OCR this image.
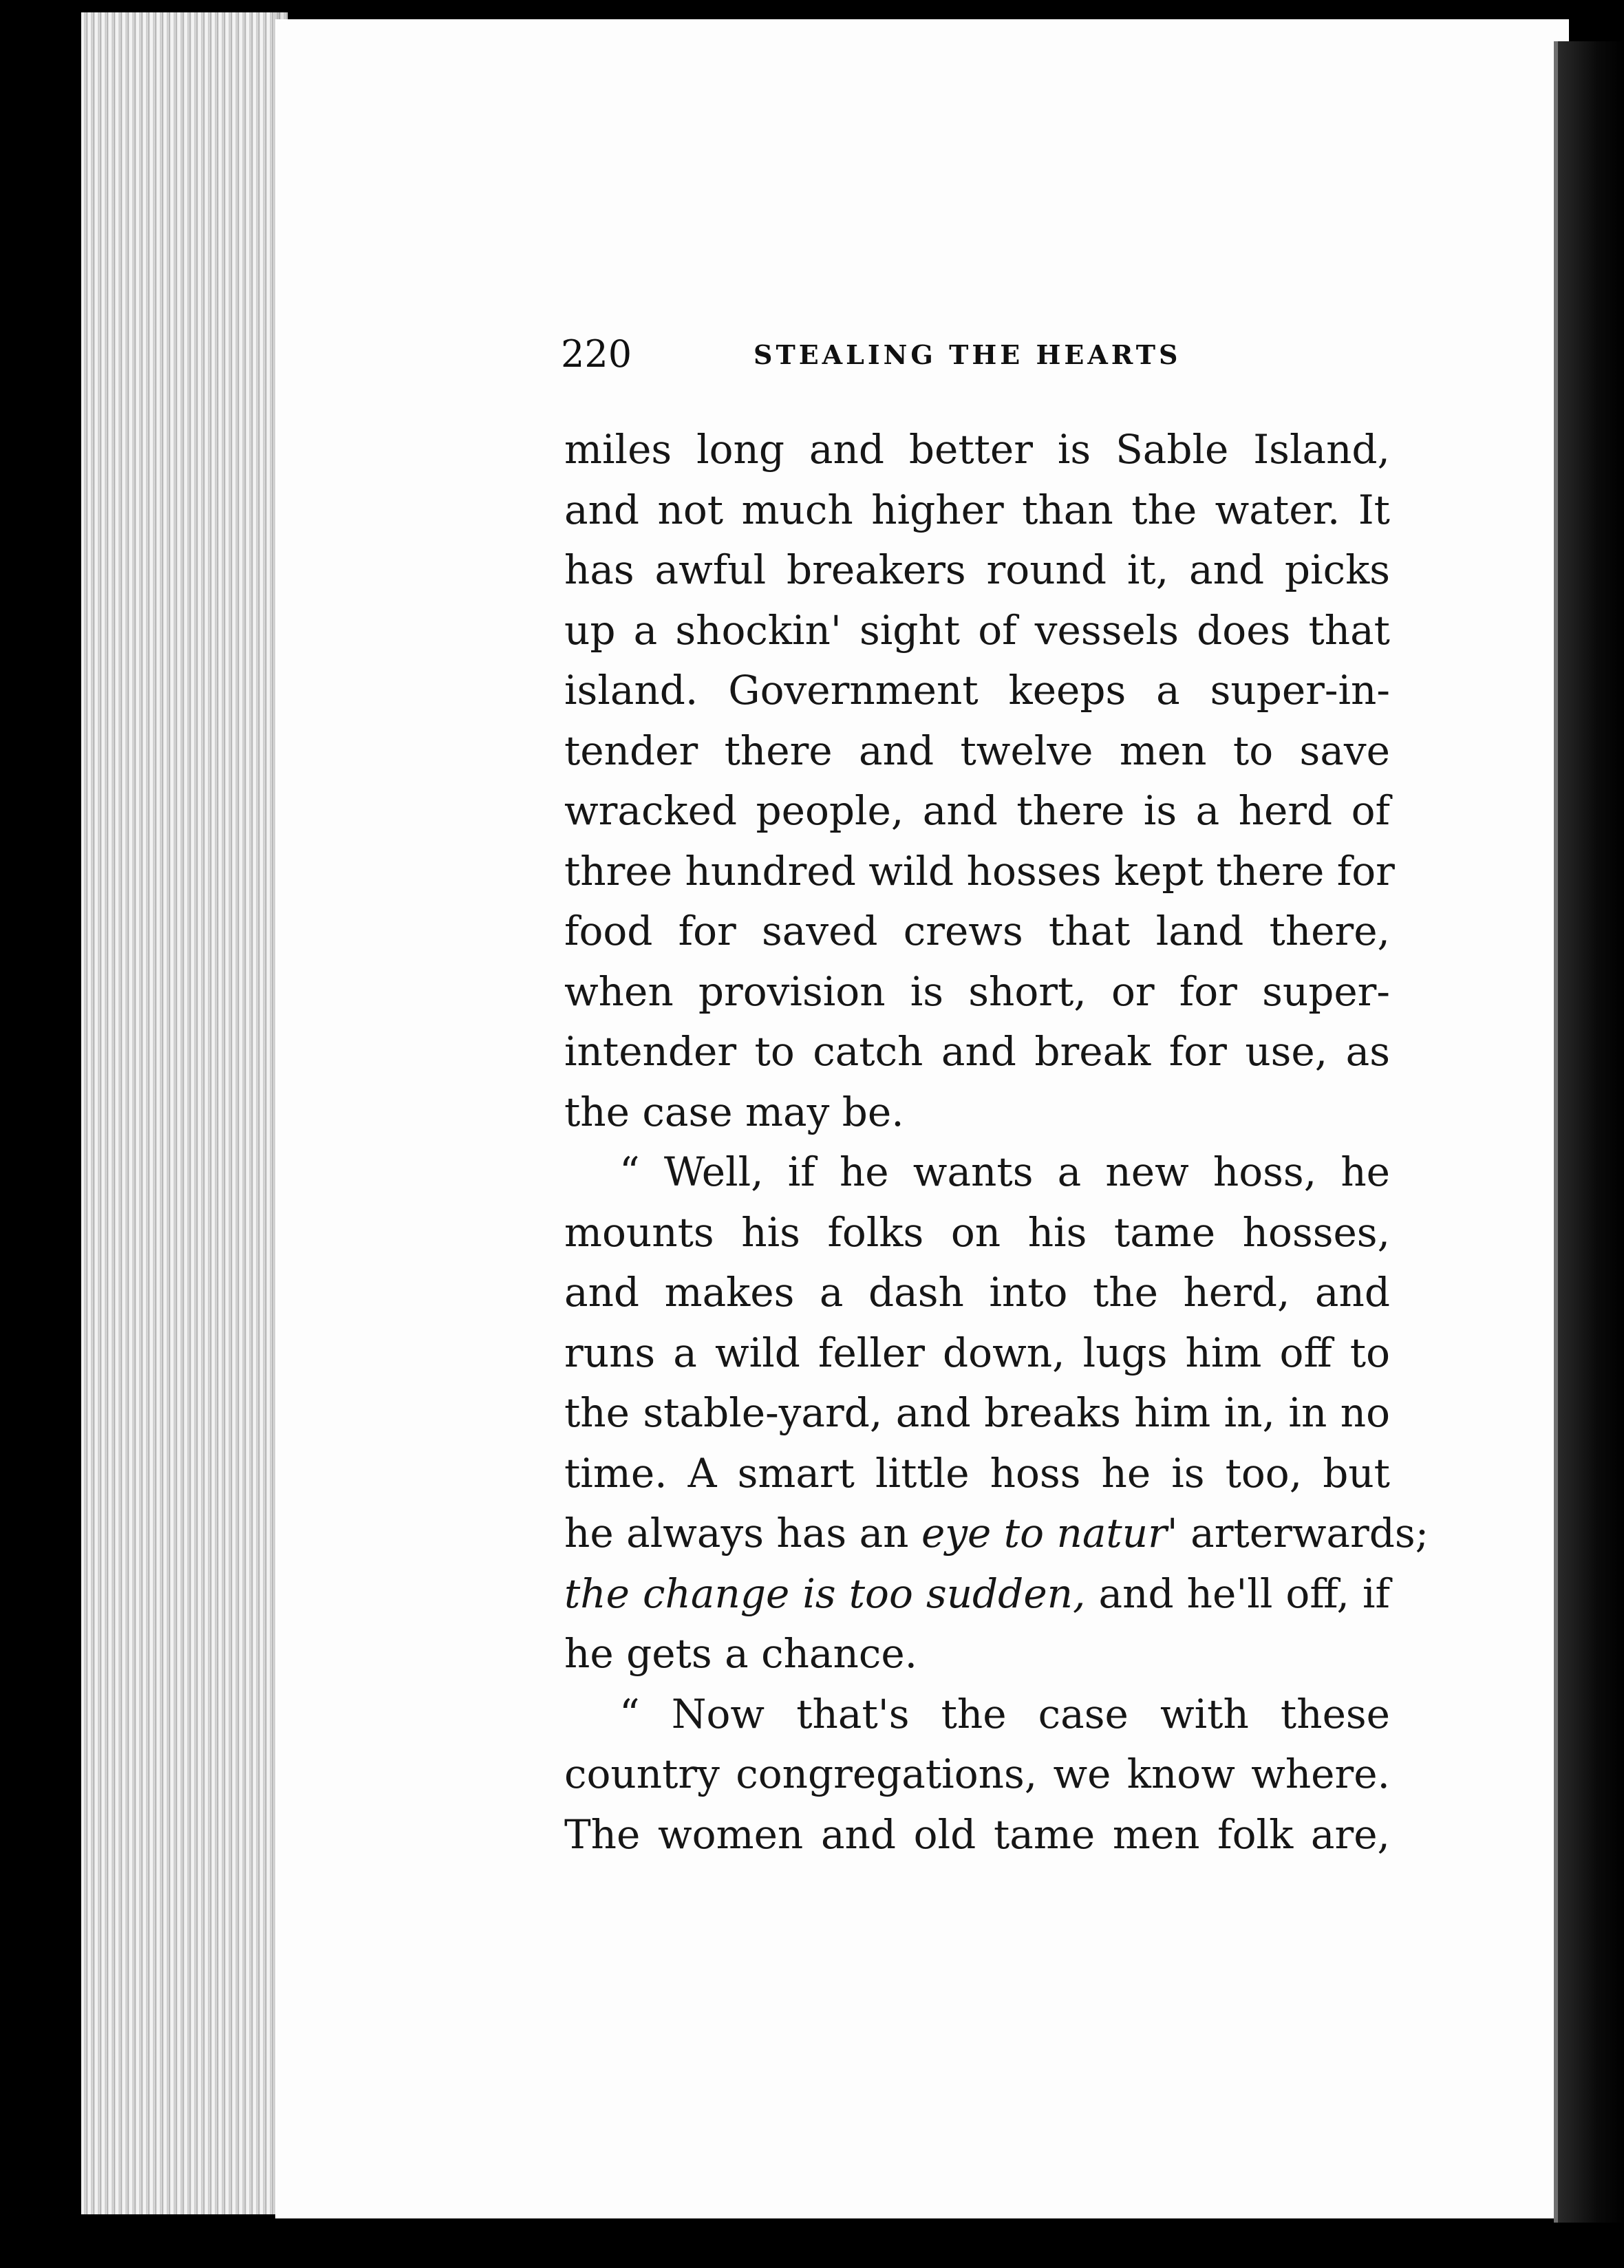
220	STEALING THE HEARTS
miles long and better is Sable Island,
and not much higher than the water. It
has awful breakers round it, and picks
up a shockin' sight of vessels does that
island. Government keeps a super-in-
tender there and twelve men to save
wracked people, and there is a herd of
three hundred wild hosses kept there for
food for saved crews that land there,
when provision is short, or for super-
intender to catch and break for use, as
the case may be.
“ Well, if he wants a new hoss, he
mounts his folks on his tame hosses,
and makes a dash into the herd, and
runs a wild feller down, lugs him off to
the stable-yard, and breaks him in, in no
time. A smart little hoss he is too, but
he always has an eye to natur' arterwards;
the change is too sudden, and he'll off, if
he gets a chance.
“ Now that's the case with these
country congregations, we know where.
The women and old tame men folk are,
